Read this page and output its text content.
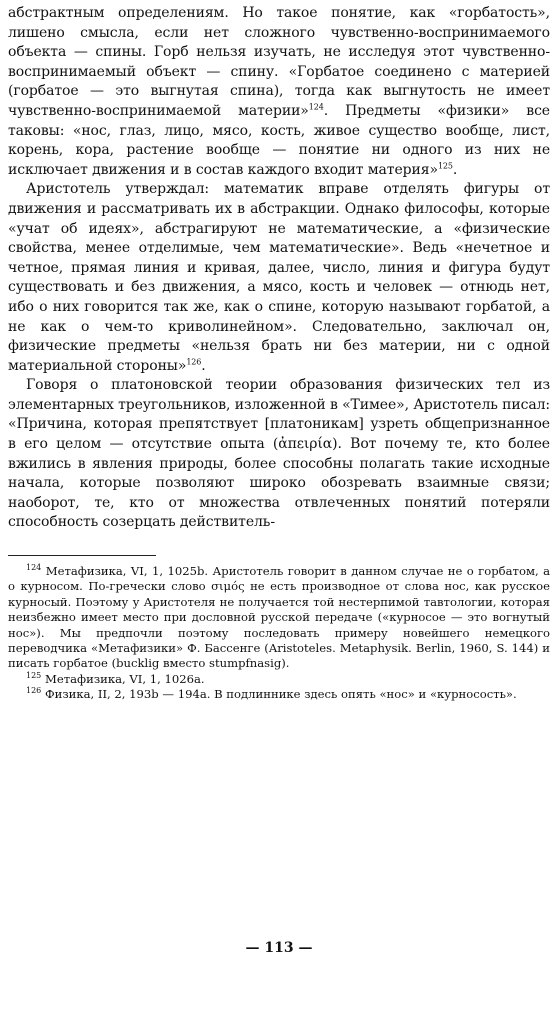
абстрактным определениям. Но такое понятие, как «горбатость», лишено смысла, если нет сложного чувственно-воспринимаемого объекта — спины. Горб нельзя изучать, не исследуя этот чувственно-воспринимаемый объект — спину. «Горбатое соединено с материей (горбатое — это выгнутая спина), тогда как выгнутость не имеет чувственно-воспринимаемой материи»$^{124}$. Предметы «физики» все таковы: «нос, глаз, лицо, мясо, кость, живое существо вообще, лист, корень, кора, растение вообще — понятие ни одного из них не исключает движения и в состав каждого входит материя»$^{125}$.

Аристотель утверждал: математик вправе отделять фигуры от движения и рассматривать их в абстракции. Однако философы, которые «учат об идеях», абстрагируют не математические, а «физические свойства, менее отделимые, чем математические». Ведь «нечетное и четное, прямая линия и кривая, далее, число, линия и фигура будут существовать и без движения, а мясо, кость и человек — отнюдь нет, ибо о них говорится так же, как о спине, которую называют горбатой, а не как о чем-то криволинейном». Следовательно, заключал он, физические предметы «нельзя брать ни без материи, ни с одной материальной стороны»$^{126}$.

Говоря о платоновской теории образования физических тел из элементарных треугольников, изложенной в «Тимее», Аристотель писал: «Причина, которая препятствует [платоникам] узреть общепризнанное в его целом — отсутствие опыта (ἀπειρία). Вот почему те, кто более вжились в явления природы, более способны полагать такие исходные начала, которые позволяют широко обозревать взаимные связи; наоборот, те, кто от множества отвлеченных понятий потеряли способность созерцать действитель-

$^{124}$ Метафизика, VI, 1, 1025b. Аристотель говорит в данном случае не о горбатом, а о курносом. По-гречески слово σιμός не есть производное от слова нос, как русское курносый. Поэтому у Аристотеля не получается той нестерпимой тавтологии, которая неизбежно имеет место при дословной русской передаче («курносое — это вогнутый нос»). Мы предпочли поэтому последовать примеру новейшего немецкого переводчика «Метафизики» Ф. Бассенге (Aristoteles. Metaphysik. Berlin, 1960, S. 144) и писать горбатое (bucklig вместо stumpfnasig).

$^{125}$ Метафизика, VI, 1, 1026a.

$^{126}$ Физика, II, 2, 193b — 194a. В подлиннике здесь опять «нос» и «курносость».

— 113 —
